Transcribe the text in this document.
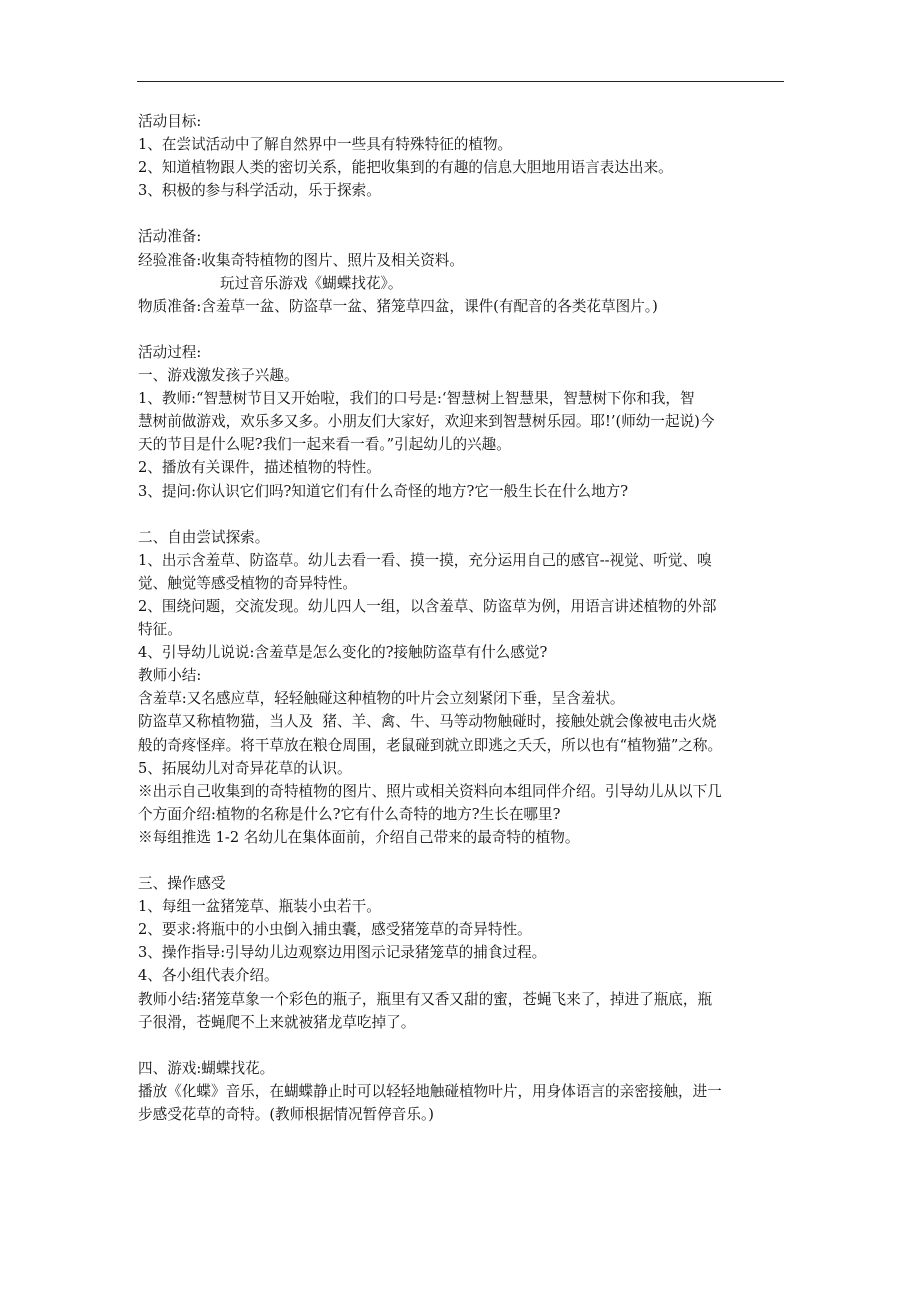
活动目标:

1、在尝试活动中了解自然界中一些具有特殊特征的植物。

2、知道植物跟人类的密切关系，能把收集到的有趣的信息大胆地用语言表达出来。

3、积极的参与科学活动，乐于探索。

活动准备:

经验准备:收集奇特植物的图片、照片及相关资料。

玩过音乐游戏《蝴蝶找花》。

物质准备:含羞草一盆、防盗草一盆、猪笼草四盆，课件(有配音的各类花草图片。)

活动过程:

一、游戏激发孩子兴趣。

1、教师:“智慧树节目又开始啦，我们的口号是:‘智慧树上智慧果，智慧树下你和我，智

慧树前做游戏，欢乐多又多。小朋友们大家好，欢迎来到智慧树乐园。耶!’(师幼一起说)今

天的节目是什么呢?我们一起来看一看。”引起幼儿的兴趣。

2、播放有关课件，描述植物的特性。

3、提问:你认识它们吗?知道它们有什么奇怪的地方?它一般生长在什么地方?

二、自由尝试探索。

1、出示含羞草、防盗草。幼儿去看一看、摸一摸，充分运用自己的感官--视觉、听觉、嗅

觉、触觉等感受植物的奇异特性。

2、围绕问题，交流发现。幼儿四人一组，以含羞草、防盗草为例，用语言讲述植物的外部

特征。

4、引导幼儿说说:含羞草是怎么变化的?接触防盗草有什么感觉?

教师小结:

含羞草:又名感应草，轻轻触碰这种植物的叶片会立刻紧闭下垂，呈含羞状。

防盗草又称植物猫，当人及  猪、羊、禽、牛、马等动物触碰时，接触处就会像被电击火烧

般的奇疼怪痒。将干草放在粮仓周围，老鼠碰到就立即逃之夭夭，所以也有“植物猫”之称。

5、拓展幼儿对奇异花草的认识。

※出示自己收集到的奇特植物的图片、照片或相关资料向本组同伴介绍。引导幼儿从以下几

个方面介绍:植物的名称是什么?它有什么奇特的地方?生长在哪里?

※每组推选 1-2 名幼儿在集体面前，介绍自己带来的最奇特的植物。

三、操作感受

1、每组一盆猪笼草、瓶装小虫若干。

2、要求:将瓶中的小虫倒入捕虫囊，感受猪笼草的奇异特性。

3、操作指导:引导幼儿边观察边用图示记录猪笼草的捕食过程。

4、各小组代表介绍。

教师小结:猪笼草象一个彩色的瓶子，瓶里有又香又甜的蜜，苍蝇飞来了，掉进了瓶底，瓶

子很滑，苍蝇爬不上来就被猪龙草吃掉了。

四、游戏:蝴蝶找花。

播放《化蝶》音乐，在蝴蝶静止时可以轻轻地触碰植物叶片，用身体语言的亲密接触，进一

步感受花草的奇特。(教师根据情况暂停音乐。)
